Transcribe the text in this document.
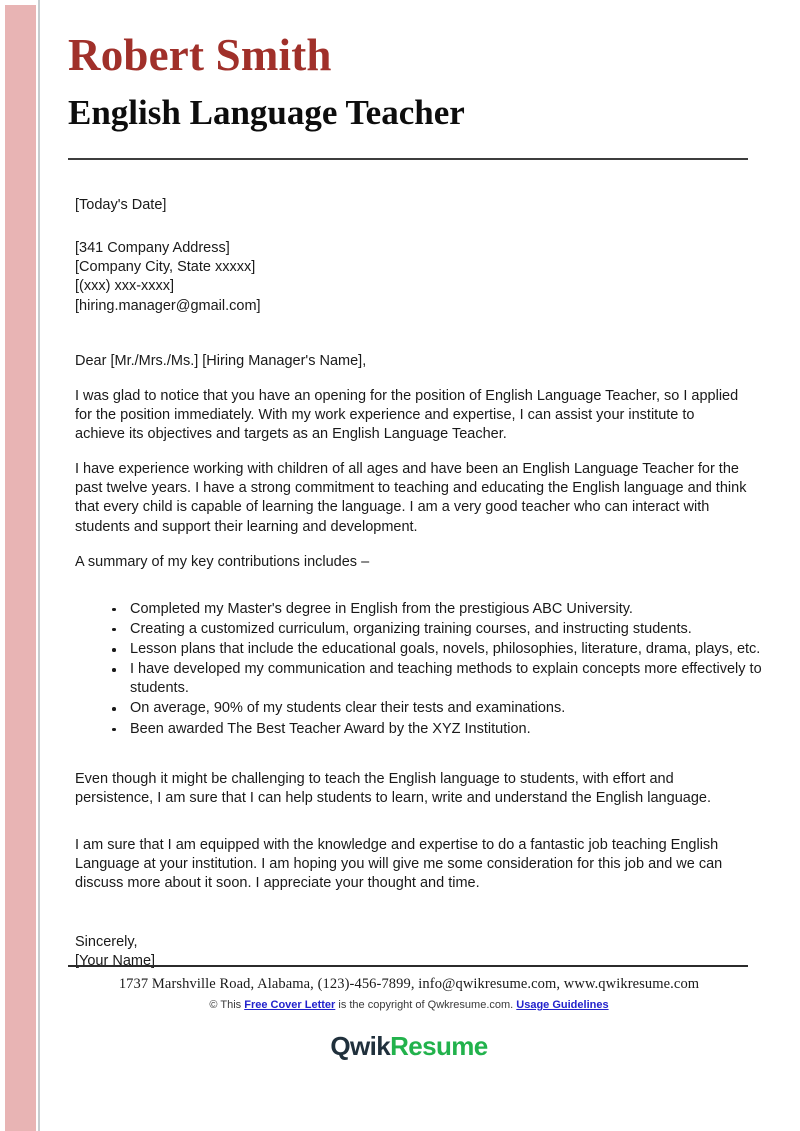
Robert Smith
English Language Teacher

[Today's Date]

[341 Company Address]

[Company City, State xxxxx]

[(xxx) xxx-xxxx]

[hiring.manager@gmail.com]

Dear [Mr./Mrs./Ms.] [Hiring Manager's Name],

I was glad to notice that you have an opening for the position of English Language Teacher, so I applied for the position immediately. With my work experience and expertise, I can assist your institute to achieve its objectives and targets as an English Language Teacher.

I have experience working with children of all ages and have been an English Language Teacher for the past twelve years. I have a strong commitment to teaching and educating the English language and think that every child is capable of learning the language. I am a very good teacher who can interact with students and support their learning and development.

A summary of my key contributions includes –

Completed my Master's degree in English from the prestigious ABC University.
Creating a customized curriculum, organizing training courses, and instructing students.
Lesson plans that include the educational goals, novels, philosophies, literature, drama, plays, etc.
I have developed my communication and teaching methods to explain concepts more effectively to students.
On average, 90% of my students clear their tests and examinations.
Been awarded The Best Teacher Award by the XYZ Institution.

Even though it might be challenging to teach the English language to students, with effort and persistence, I am sure that I can help students to learn, write and understand the English language.

I am sure that I am equipped with the knowledge and expertise to do a fantastic job teaching English Language at your institution. I am hoping you will give me some consideration for this job and we can discuss more about it soon. I appreciate your thought and time.

Sincerely,

[Your Name]

1737 Marshville Road, Alabama, (123)-456-7899, info@qwikresume.com, www.qwikresume.com

© This Free Cover Letter is the copyright of Qwkresume.com. Usage Guidelines

QwikResume
